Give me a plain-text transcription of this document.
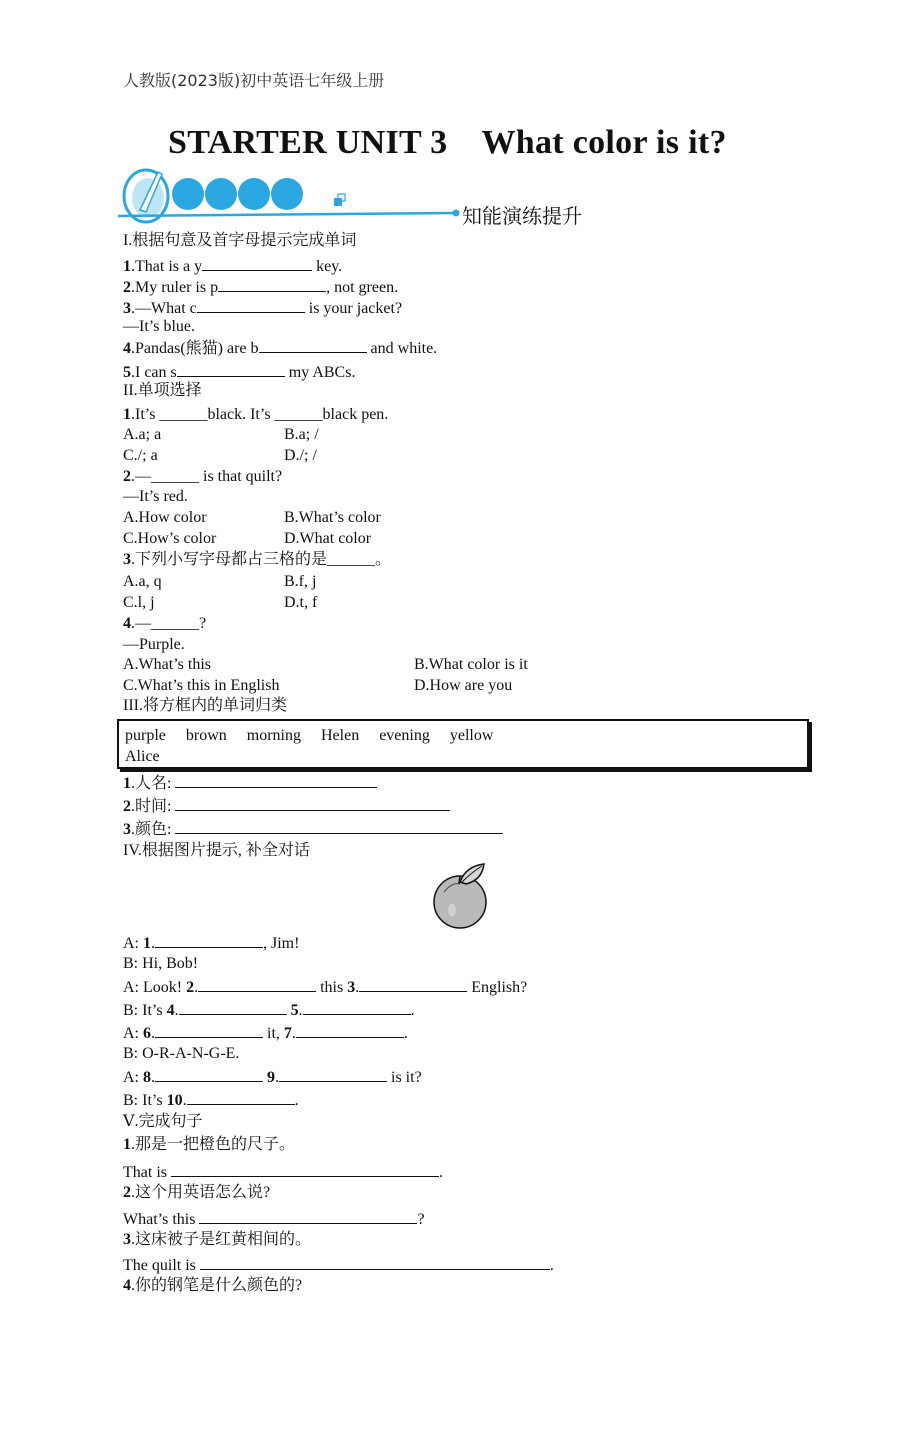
人教版(2023版)初中英语七年级上册
STARTER UNIT 3 What color is it?
知能演练提升
I.根据句意及首字母提示完成单词
1.That is a y	key.
2.My ruler is p	, not green.
3.—What c	is your jacket?
—It’s blue.
4.Pandas(熊猫) are b	and white.
5.I can s	my ABCs.
II.单项选择
1.It’s ______black. It’s ______black pen.
A.a; a	B.a; /
C./; a	D./; /
2.—______ is that quilt?
—It’s red.
A.How color	B.What’s color
C.How’s color	D.What color
3.下列小写字母都占三格的是______。
A.a, q	B.f, j
C.l, j	D.t, f
4.—______?
—Purple.
A.What’s this	B.What color is it
C.What’s this in English	D.How are you
III.将方框内的单词归类
purple brown morning Helen evening yellow
Alice
1.人名:
2.时间:
3.颜色:
IV.根据图片提示, 补全对话
A: 1.	, Jim!
B: Hi, Bob!
A: Look! 2.	this 3.	English?
B: It’s 4.	5.	.
A: 6.	it, 7.	.
B: O-R-A-N-G-E.
A: 8.	9.	is it?
B: It’s 10.	.
Ⅴ.完成句子
1.那是一把橙色的尺子。
That is	.
2.这个用英语怎么说?
What’s this	?
3.这床被子是红黄相间的。
The quilt is	.
4.你的钢笔是什么颜色的?
